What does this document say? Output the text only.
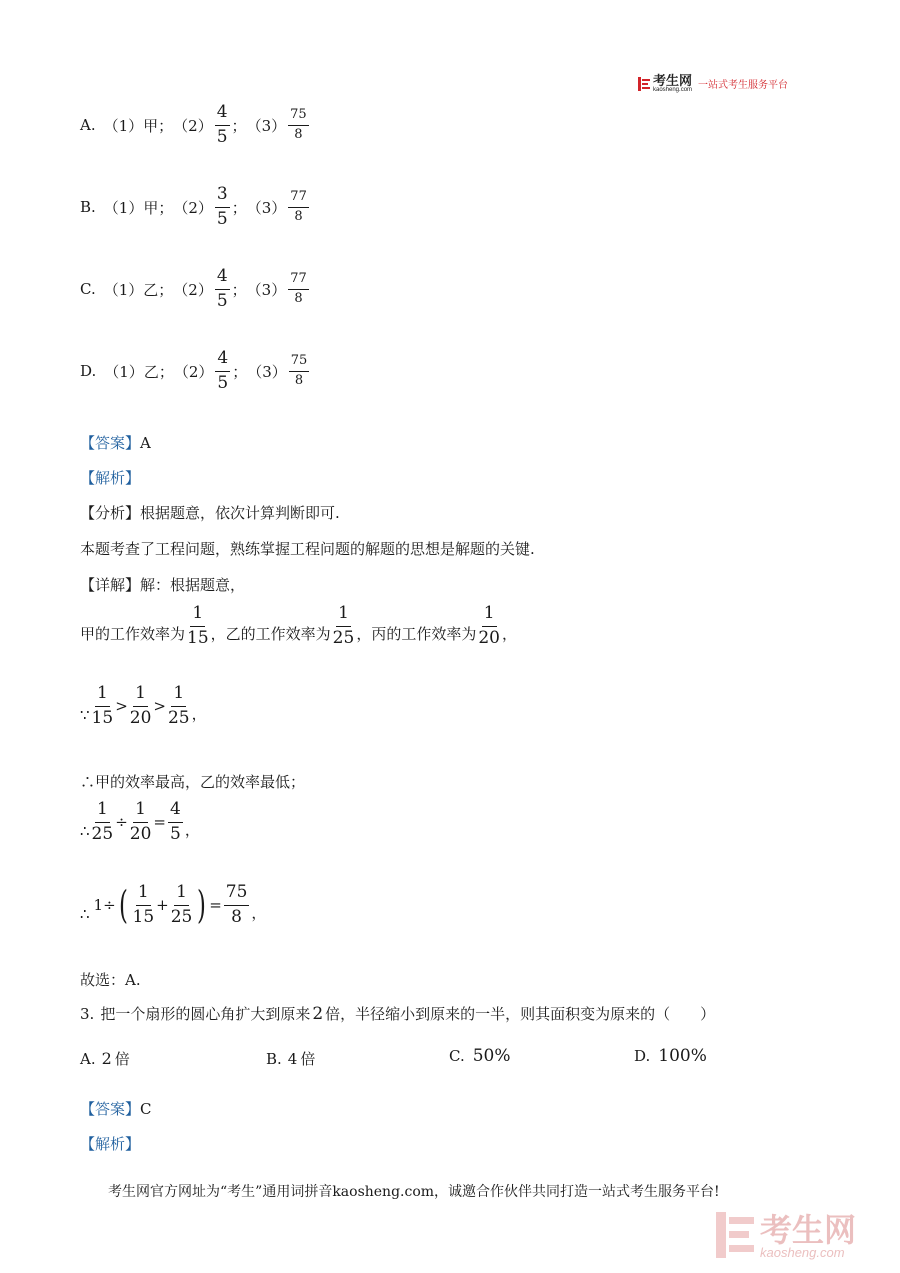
考生网
kaosheng.com 一站式考生服务平台
A. （1） 甲； $(2) \frac{4}{5}$ ； $(3) \frac{75}{8}$
B. （1） 甲； $(2) \frac{3}{5}$ ； $(3) \frac{77}{8}$
C. （1） 乙； $(2) \frac{4}{5}$ ； $(3) \frac{77}{8}$
D. （1） 乙； $(2) \frac{4}{5}$ ； $(3) \frac{75}{8}$
【答案】A
【解析】
【分析】根据题意，依次计算判断即可.
本题考查了工程问题，熟练掌握工程问题的解题的思想是解题的关键.
【详解】解：根据题意，
甲的工作效率为 $\frac{1}{15}$ ，乙的工作效率为 $\frac{1}{25}$ ，丙的工作效率为 $\frac{1}{20}$ ，
∵ $\frac{1}{15} > \frac{1}{20} > \frac{1}{25}$ ，
∴甲的效率最高，乙的效率最低；
∴ $\frac{1}{25} \div \frac{1}{20} = \frac{4}{5}$ ，
∴
1÷ ( $\frac{1}{15} + \frac{1}{25}$ ) = $\frac{75}{8}$ ，
故选：A.
3. 把一个扇形的圆心角扩大到原来 2 倍，半径缩小到原来的一半，则其面积变为原来的（　　）
A. 2 倍	B. 4 倍	C. 50%	D. 100%
【答案】C
【解析】
考生网官方网址为“考生”通用词拼音kaosheng.com，诚邀合作伙伴共同打造一站式考生服务平台!
考生网
kaosheng.com
